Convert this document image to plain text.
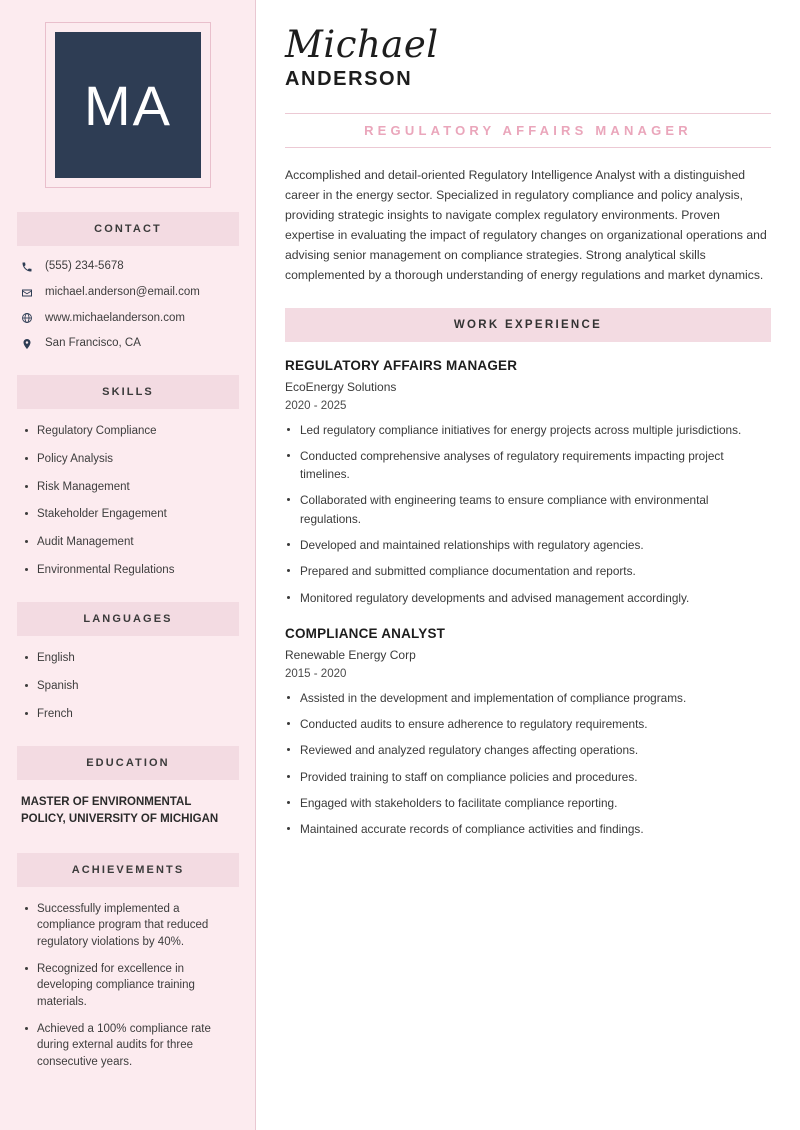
MA
CONTACT
(555) 234-5678
michael.anderson@email.com
www.michaelanderson.com
San Francisco, CA
SKILLS
Regulatory Compliance
Policy Analysis
Risk Management
Stakeholder Engagement
Audit Management
Environmental Regulations
LANGUAGES
English
Spanish
French
EDUCATION
MASTER OF ENVIRONMENTAL POLICY, UNIVERSITY OF MICHIGAN
ACHIEVEMENTS
Successfully implemented a compliance program that reduced regulatory violations by 40%.
Recognized for excellence in developing compliance training materials.
Achieved a 100% compliance rate during external audits for three consecutive years.
Michael
ANDERSON
REGULATORY AFFAIRS MANAGER

Accomplished and detail-oriented Regulatory Intelligence Analyst with a distinguished career in the energy sector. Specialized in regulatory compliance and policy analysis, providing strategic insights to navigate complex regulatory environments. Proven expertise in evaluating the impact of regulatory changes on organizational operations and advising senior management on compliance strategies. Strong analytical skills complemented by a thorough understanding of energy regulations and market dynamics.

WORK EXPERIENCE
REGULATORY AFFAIRS MANAGER
EcoEnergy Solutions
2020 - 2025
Led regulatory compliance initiatives for energy projects across multiple jurisdictions.
Conducted comprehensive analyses of regulatory requirements impacting project timelines.
Collaborated with engineering teams to ensure compliance with environmental regulations.
Developed and maintained relationships with regulatory agencies.
Prepared and submitted compliance documentation and reports.
Monitored regulatory developments and advised management accordingly.
COMPLIANCE ANALYST
Renewable Energy Corp
2015 - 2020
Assisted in the development and implementation of compliance programs.
Conducted audits to ensure adherence to regulatory requirements.
Reviewed and analyzed regulatory changes affecting operations.
Provided training to staff on compliance policies and procedures.
Engaged with stakeholders to facilitate compliance reporting.
Maintained accurate records of compliance activities and findings.
